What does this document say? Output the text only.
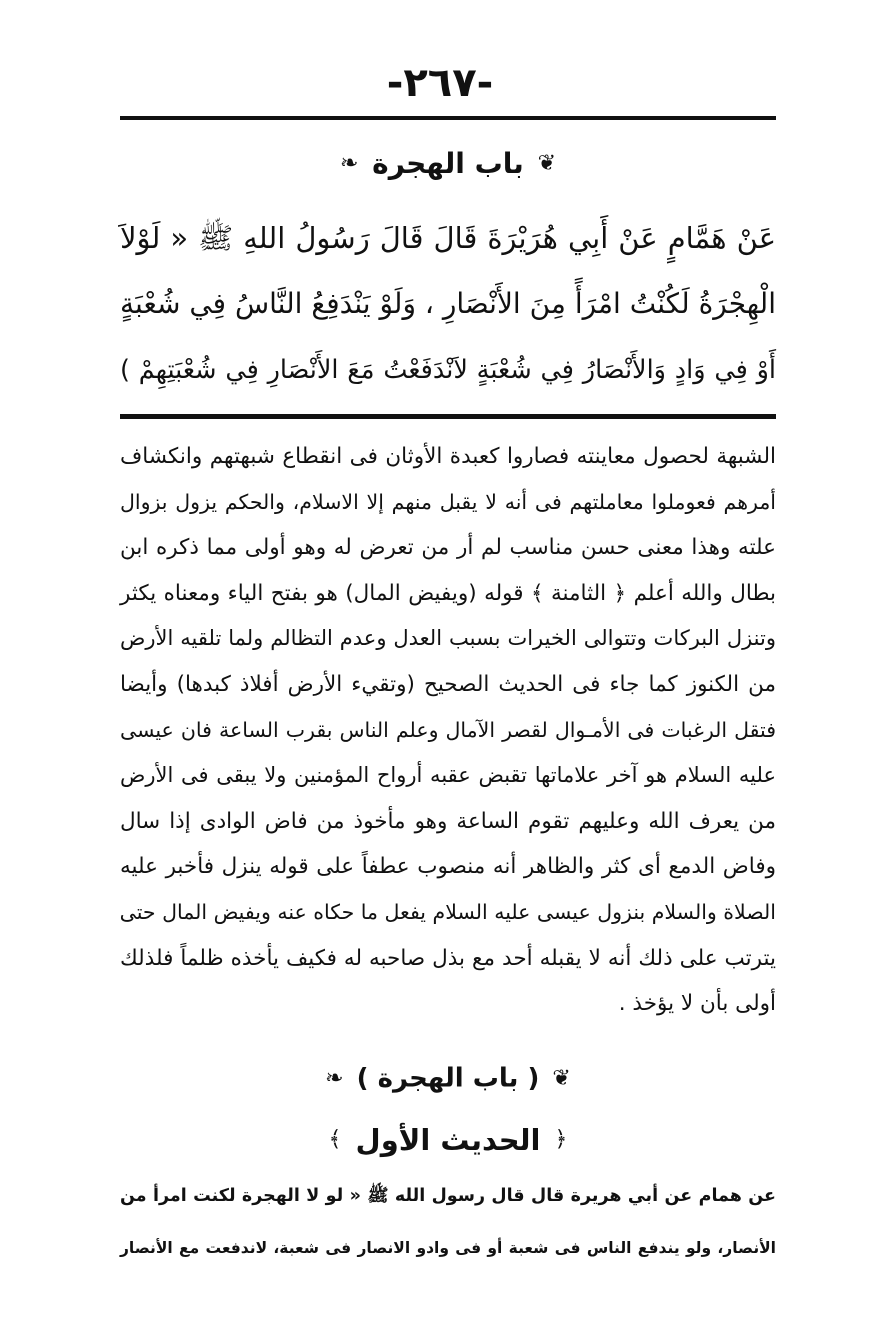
-٢٦٧-
❦ باب الهجرة ❧
عَنْ هَمَّامٍ عَنْ أَبِي هُرَيْرَةَ قَالَ قَالَ رَسُولُ اللهِ ﷺ « لَوْلاَ
الْهِجْرَةُ لَكُنْتُ امْرَأً مِنَ الأَنْصَارِ ، وَلَوْ يَنْدَفِعُ النَّاسُ فِي شُعْبَةٍ
أَوْ فِي وَادٍ وَالأَنْصَارُ فِي شُعْبَةٍ لاَنْدَفَعْتُ مَعَ الأَنْصَارِ فِي شُعْبَتِهِمْ )
الشبهة لحصول معاينته فصاروا كعبدة الأوثان فى انقطاع شبهتهم وانكشاف
أمرهم فعوملوا معاملتهم فى أنه لا يقبل منهم إلا الاسلام، والحكم يزول بزوال
علته وهذا معنى حسن مناسب لم أر من تعرض له وهو أولى مما ذكره ابن
بطال والله أعلم ﴿ الثامنة ﴾ قوله (ويفيض المال) هو بفتح الياء ومعناه يكثر
وتنزل البركات وتتوالى الخيرات بسبب العدل وعدم التظالم ولما تلقيه الأرض
من الكنوز كما جاء فى الحديث الصحيح (وتقيء الأرض أفلاذ كبدها) وأيضا
فتقل الرغبات فى الأمـوال لقصر الآمال وعلم الناس بقرب الساعة فان عيسى
عليه السلام هو آخر علاماتها تقبض عقبه أرواح المؤمنين ولا يبقى فى الأرض
من يعرف الله وعليهم تقوم الساعة وهو مأخوذ من فاض الوادى إذا سال
وفاض الدمع أى كثر والظاهر أنه منصوب عطفاً على قوله ينزل فأخبر عليه
الصلاة والسلام بنزول عيسى عليه السلام يفعل ما حكاه عنه ويفيض المال حتى
يترتب على ذلك أنه لا يقبله أحد مع بذل صاحبه له فكيف يأخذه ظلماً فلذلك
أولى بأن لا يؤخذ .
❦ ( باب الهجرة ) ❧
﴿ الحديث الأول ﴾
عن همام عن أبي هريرة قال قال رسول الله ﷺ « لو لا الهجرة لكنت امرأ من
الأنصار، ولو يندفع الناس فى شعبة أو فى وادو الانصار فى شعبة، لاندفعت مع الأنصار
